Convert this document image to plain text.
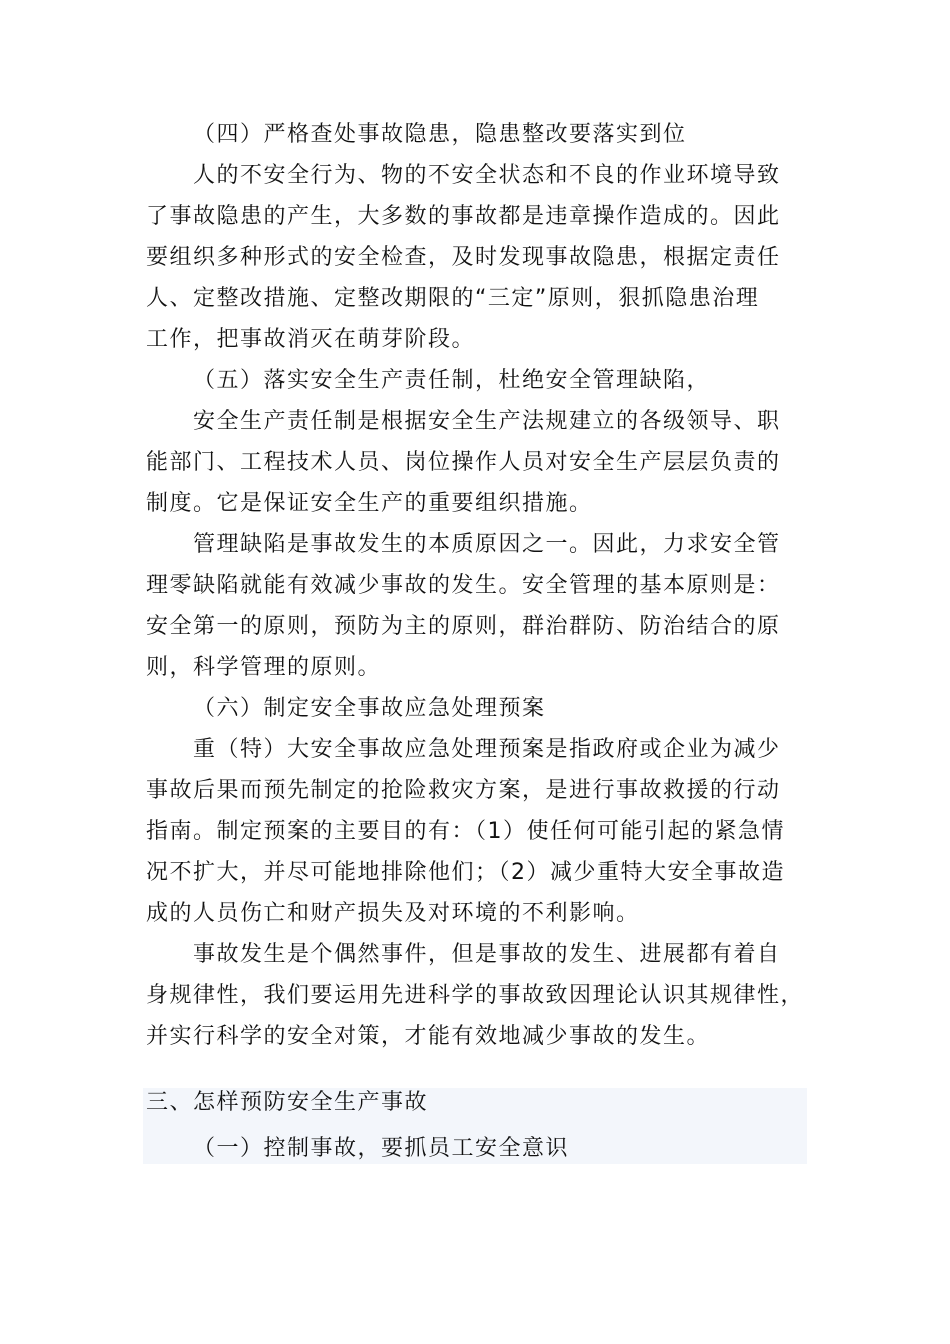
（四）严格查处事故隐患，隐患整改要落实到位
人的不安全行为、物的不安全状态和不良的作业环境导致
了事故隐患的产生，大多数的事故都是违章操作造成的。因此
要组织多种形式的安全检查，及时发现事故隐患，根据定责任
人、定整改措施、定整改期限的“三定”原则，狠抓隐患治理
工作，把事故消灭在萌芽阶段。
（五）落实安全生产责任制，杜绝安全管理缺陷，
安全生产责任制是根据安全生产法规建立的各级领导、职
能部门、工程技术人员、岗位操作人员对安全生产层层负责的
制度。它是保证安全生产的重要组织措施。
管理缺陷是事故发生的本质原因之一。因此，力求安全管
理零缺陷就能有效减少事故的发生。安全管理的基本原则是：
安全第一的原则，预防为主的原则，群治群防、防治结合的原
则，科学管理的原则。
（六）制定安全事故应急处理预案
重（特）大安全事故应急处理预案是指政府或企业为减少
事故后果而预先制定的抢险救灾方案，是进行事故救援的行动
指南。制定预案的主要目的有：（1）使任何可能引起的紧急情
况不扩大，并尽可能地排除他们；（2）减少重特大安全事故造
成的人员伤亡和财产损失及对环境的不利影响。
事故发生是个偶然事件，但是事故的发生、进展都有着自
身规律性，我们要运用先进科学的事故致因理论认识其规律性，
并实行科学的安全对策，才能有效地减少事故的发生。
三、怎样预防安全生产事故
（一）控制事故，要抓员工安全意识
